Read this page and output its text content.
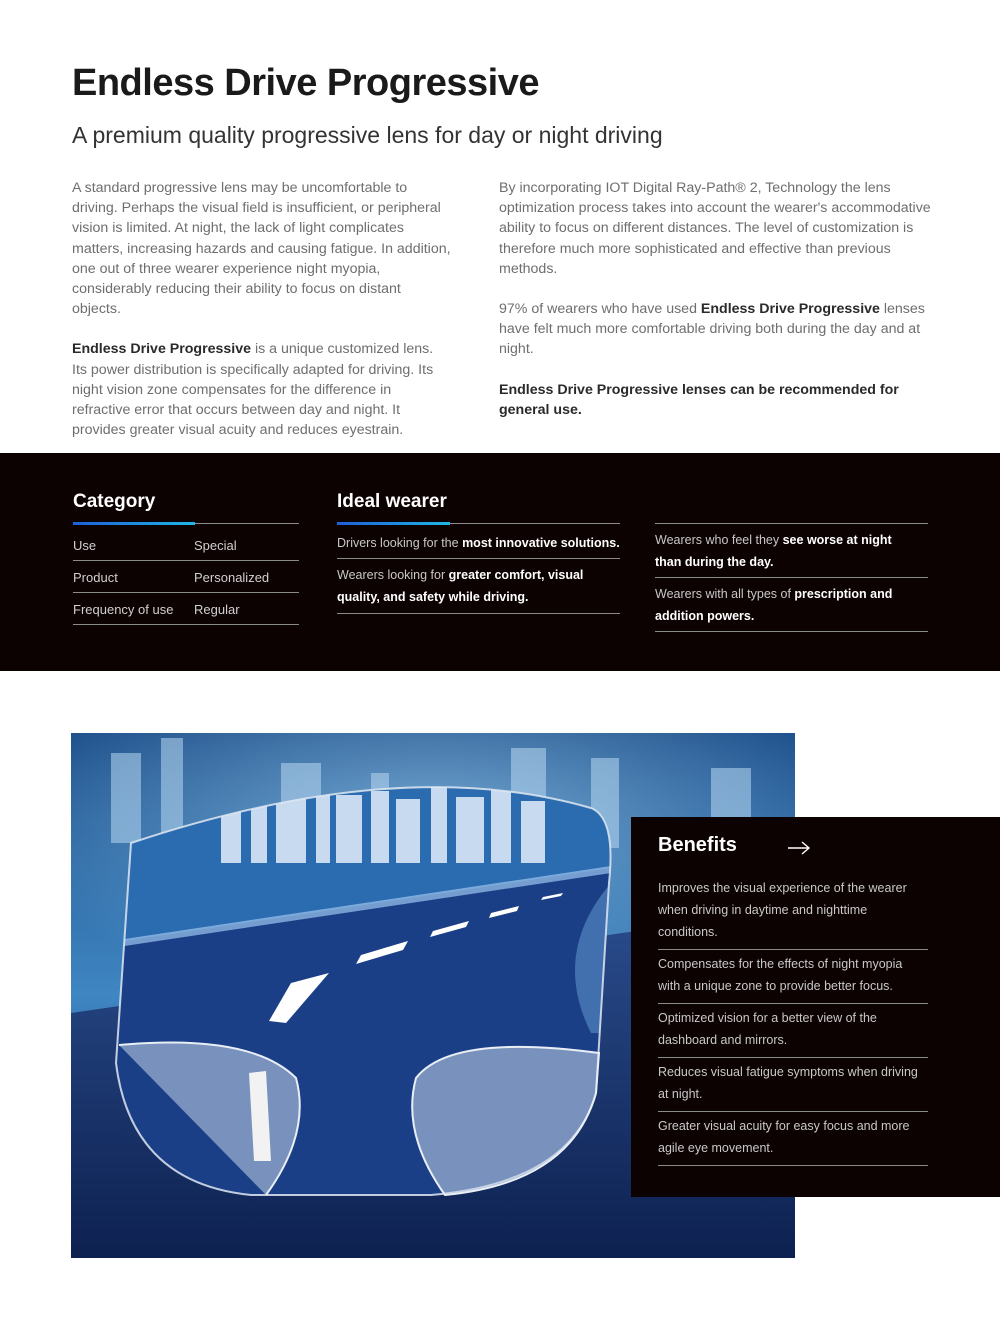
Endless Drive Progressive
A premium quality progressive lens for day or night driving

A standard progressive lens may be uncomfortable to driving. Perhaps the visual field is insufficient, or peripheral vision is limited. At night, the lack of light complicates matters, increasing hazards and causing fatigue. In addition, one out of three wearer experience night myopia, considerably reducing their ability to focus on distant objects.

Endless Drive Progressive is a unique customized lens. Its power distribution is specifically adapted for driving. Its night vision zone compensates for the difference in refractive error that occurs between day and night. It provides greater visual acuity and reduces eyestrain.

By incorporating IOT Digital Ray-Path® 2, Technology the lens optimization process takes into account the wearer's accommodative ability to focus on different distances. The level of customization is therefore much more sophisticated and effective than previous methods.

97% of wearers who have used Endless Drive Progressive lenses have felt much more comfortable driving both during the day and at night.

Endless Drive Progressive lenses can be recommended for general use.

Category
Use	Special
Product	Personalized
Frequency of use Regular
Ideal wearer
Drivers looking for the most innovative solutions.
Wearers looking for greater comfort, visual quality, and safety while driving.
Wearers who feel they see worse at night than during the day.
Wearers with all types of prescription and addition powers.
Benefits
Improves the visual experience of the wearer when driving in daytime and nighttime conditions.
Compensates for the effects of night myopia with a unique zone to provide better focus.
Optimized vision for a better view of the dashboard and mirrors.
Reduces visual fatigue symptoms when driving at night.
Greater visual acuity for easy focus and more agile eye movement.
